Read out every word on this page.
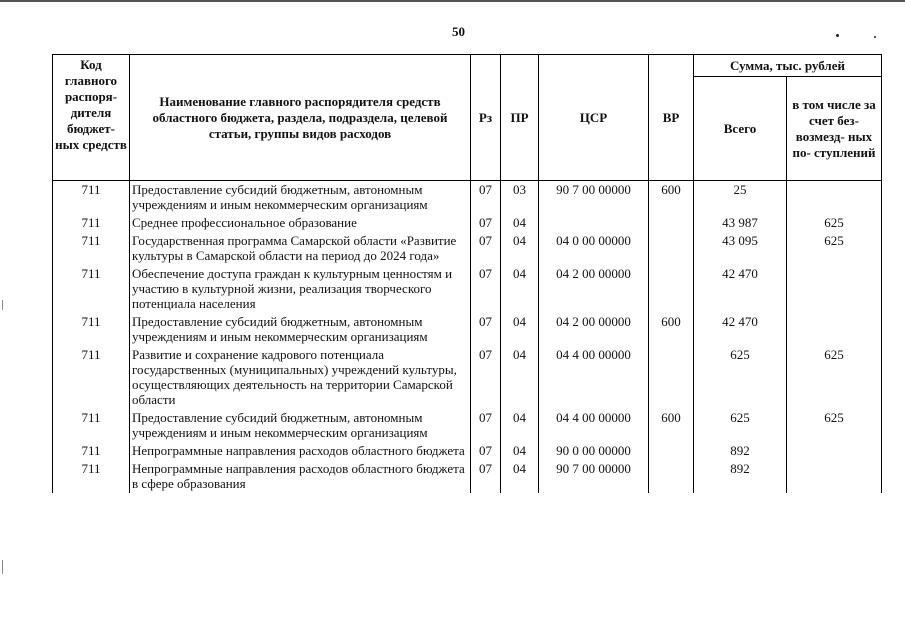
50
Код главного распоря- дителя бюджет- ных средств	Наименование главного распорядителя средств областного бюджета, раздела, подраздела, целевой статьи, группы видов расходов	Рз	ПР	ЦСР	ВР	Сумма, тыс. рублей	
						Всего	в том числе за счет без- возмезд- ных по- ступлений
711	Предоставление субсидий бюджетным, автономным учреждениям и иным некоммерческим организациям	07	03	90 7 00 00000	600	25	
711	Среднее профессиональное образование	07	04			43 987	625
711	Государственная программа Самарской области «Развитие культуры в Самарской области на период до 2024 года»	07	04	04 0 00 00000		43 095	625
711	Обеспечение доступа граждан к культурным ценностям и участию в культурной жизни, реализация творческого потенциала населения	07	04	04 2 00 00000		42 470	
711	Предоставление субсидий бюджетным, автономным учреждениям и иным некоммерческим организациям	07	04	04 2 00 00000	600	42 470	
711	Развитие и сохранение кадрового потенциала государственных (муниципальных) учреждений культуры, осуществляющих деятельность на территории Самарской области	07	04	04 4 00 00000		625	625
711	Предоставление субсидий бюджетным, автономным учреждениям и иным некоммерческим организациям	07	04	04 4 00 00000	600	625	625
711	Непрограммные направления расходов областного бюджета	07	04	90 0 00 00000		892	
711	Непрограммные направления расходов областного бюджета в сфере образования	07	04	90 7 00 00000		892	
